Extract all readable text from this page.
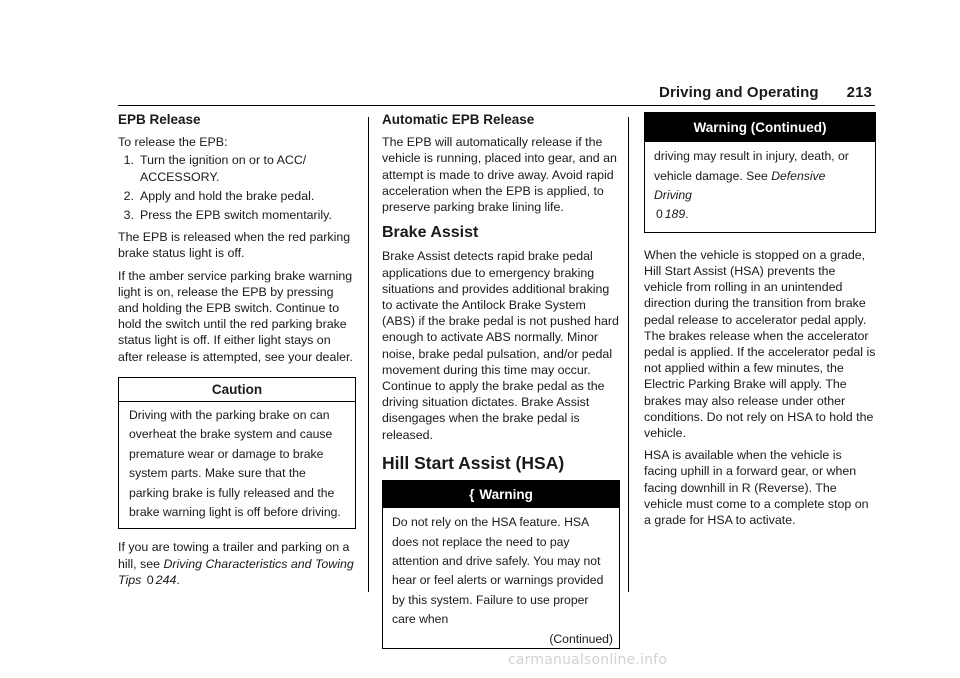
Driving and Operating 213
EPB Release

To release the EPB:

1. Turn the ignition on or to ACC/ ACCESSORY.
2. Apply and hold the brake pedal.
3. Press the EPB switch momentarily.

The EPB is released when the red parking brake status light is off.

If the amber service parking brake warning light is on, release the EPB by pressing and holding the EPB switch. Continue to hold the switch until the red parking brake status light is off. If either light stays on after release is attempted, see your dealer.

Caution
Driving with the parking brake on can overheat the brake system and cause premature wear or damage to brake system parts. Make sure that the parking brake is fully released and the brake warning light is off before driving.

If you are towing a trailer and parking on a hill, see Driving Characteristics and Towing Tips 0 244.

Automatic EPB Release

The EPB will automatically release if the vehicle is running, placed into gear, and an attempt is made to drive away. Avoid rapid acceleration when the EPB is applied, to preserve parking brake lining life.

Brake Assist

Brake Assist detects rapid brake pedal applications due to emergency braking situations and provides additional braking to activate the Antilock Brake System (ABS) if the brake pedal is not pushed hard enough to activate ABS normally. Minor noise, brake pedal pulsation, and/or pedal movement during this time may occur. Continue to apply the brake pedal as the driving situation dictates. Brake Assist disengages when the brake pedal is released.

Hill Start Assist (HSA)
{ Warning
Do not rely on the HSA feature. HSA does not replace the need to pay attention and drive safely. You may not hear or feel alerts or warnings provided by this system. Failure to use proper care when
(Continued)
Warning (Continued)
driving may result in injury, death, or vehicle damage. See Defensive Driving
0 189.

When the vehicle is stopped on a grade, Hill Start Assist (HSA) prevents the vehicle from rolling in an unintended direction during the transition from brake pedal release to accelerator pedal apply. The brakes release when the accelerator pedal is applied. If the accelerator pedal is not applied within a few minutes, the Electric Parking Brake will apply. The brakes may also release under other conditions. Do not rely on HSA to hold the vehicle.

HSA is available when the vehicle is facing uphill in a forward gear, or when facing downhill in R (Reverse). The vehicle must come to a complete stop on a grade for HSA to activate.

carmanualsonline.info
